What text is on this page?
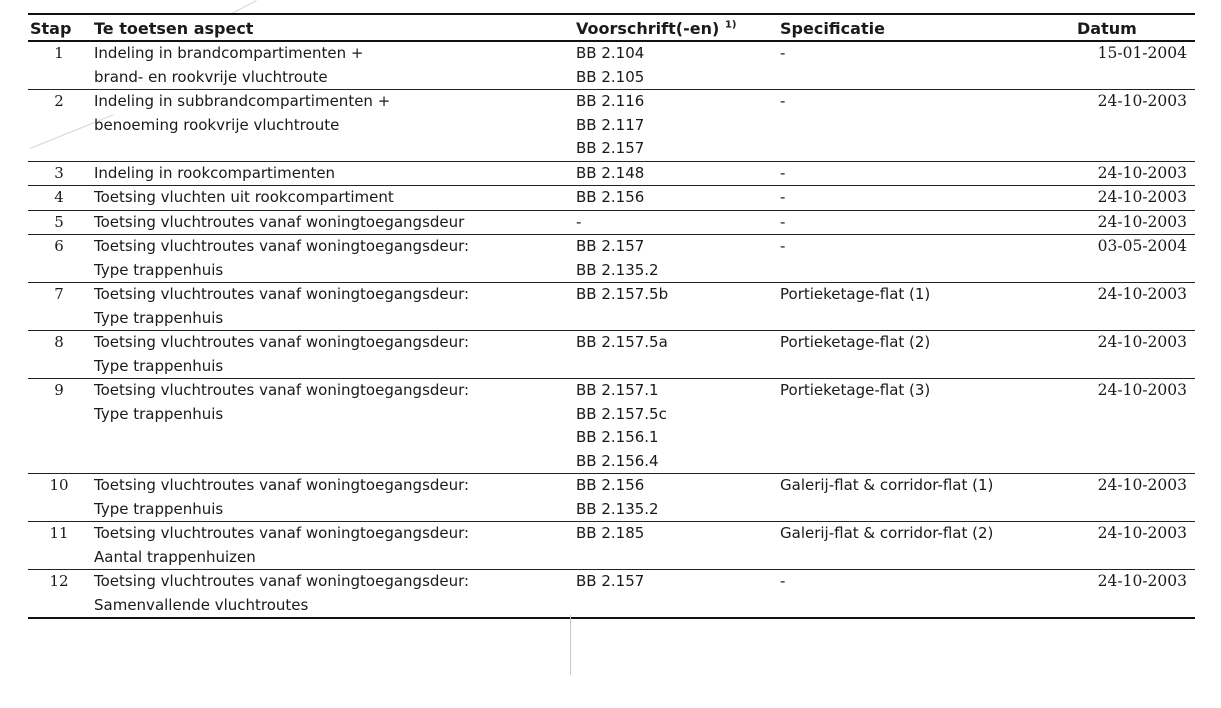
Stap	Te toetsen aspect	Voorschrift(-en) $^{1)}$	Specificatie	Datum
1	Indeling in brandcompartimenten +
brand- en rookvrije vluchtroute	BB 2.104
BB 2.105	-	15-01-2004
2	Indeling in subbrandcompartimenten +
benoeming rookvrije vluchtroute	BB 2.116
BB 2.117
BB 2.157	-	24-10-2003
3	Indeling in rookcompartimenten	BB 2.148	-	24-10-2003
4	Toetsing vluchten uit rookcompartiment	BB 2.156	-	24-10-2003
5	Toetsing vluchtroutes vanaf woningtoegangsdeur	-	-	24-10-2003
6	Toetsing vluchtroutes vanaf woningtoegangsdeur:
Type trappenhuis	BB 2.157
BB 2.135.2	-	03-05-2004
7	Toetsing vluchtroutes vanaf woningtoegangsdeur:
Type trappenhuis	BB 2.157.5b	Portieketage-flat (1)	24-10-2003
8	Toetsing vluchtroutes vanaf woningtoegangsdeur:
Type trappenhuis	BB 2.157.5a	Portieketage-flat (2)	24-10-2003
9	Toetsing vluchtroutes vanaf woningtoegangsdeur:
Type trappenhuis	BB 2.157.1
BB 2.157.5c
BB 2.156.1
BB 2.156.4	Portieketage-flat (3)	24-10-2003
10	Toetsing vluchtroutes vanaf woningtoegangsdeur:
Type trappenhuis	BB 2.156
BB 2.135.2	Galerij-flat & corridor-flat (1)	24-10-2003
11	Toetsing vluchtroutes vanaf woningtoegangsdeur:
Aantal trappenhuizen	BB 2.185	Galerij-flat & corridor-flat (2)	24-10-2003
12	Toetsing vluchtroutes vanaf woningtoegangsdeur:
Samenvallende vluchtroutes	BB 2.157	-	24-10-2003
